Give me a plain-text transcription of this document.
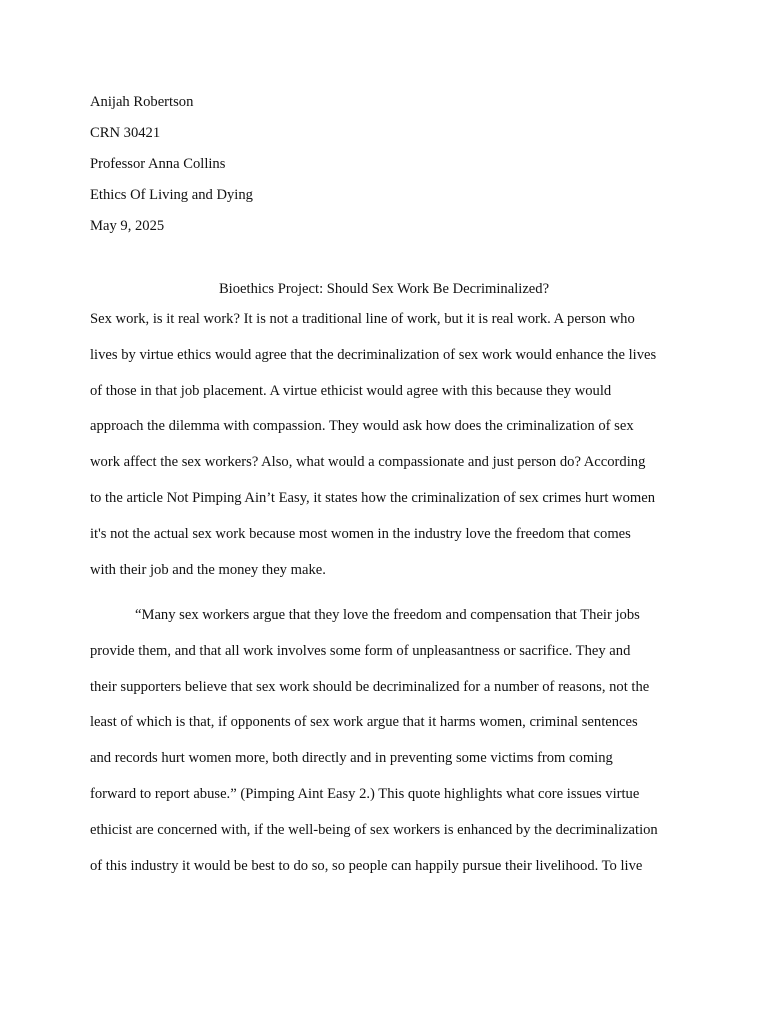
Anijah Robertson
CRN 30421
Professor Anna Collins
Ethics Of Living and Dying
May 9, 2025
Bioethics Project: Should Sex Work Be Decriminalized?
Sex work, is it real work? It is not a traditional line of work, but it is real work. A person who
lives by virtue ethics would agree that the decriminalization of sex work would enhance the lives
of those in that job placement. A virtue ethicist would agree with this because they would
approach the dilemma with compassion. They would ask how does the criminalization of sex
work affect the sex workers? Also, what would a compassionate and just person do? According
to the article Not Pimping Ain’t Easy, it states how the criminalization of sex crimes hurt women
it's not the actual sex work because most women in the industry love the freedom that comes
with their job and the money they make.
“Many sex workers argue that they love the freedom and compensation that Their jobs
provide them, and that all work involves some form of unpleasantness or sacrifice. They and
their supporters believe that sex work should be decriminalized for a number of reasons, not the
least of which is that, if opponents of sex work argue that it harms women, criminal sentences
and records hurt women more, both directly and in preventing some victims from coming
forward to report abuse.” (Pimping Aint Easy 2.) This quote highlights what core issues virtue
ethicist are concerned with, if the well-being of sex workers is enhanced by the decriminalization
of this industry it would be best to do so, so people can happily pursue their livelihood. To live
